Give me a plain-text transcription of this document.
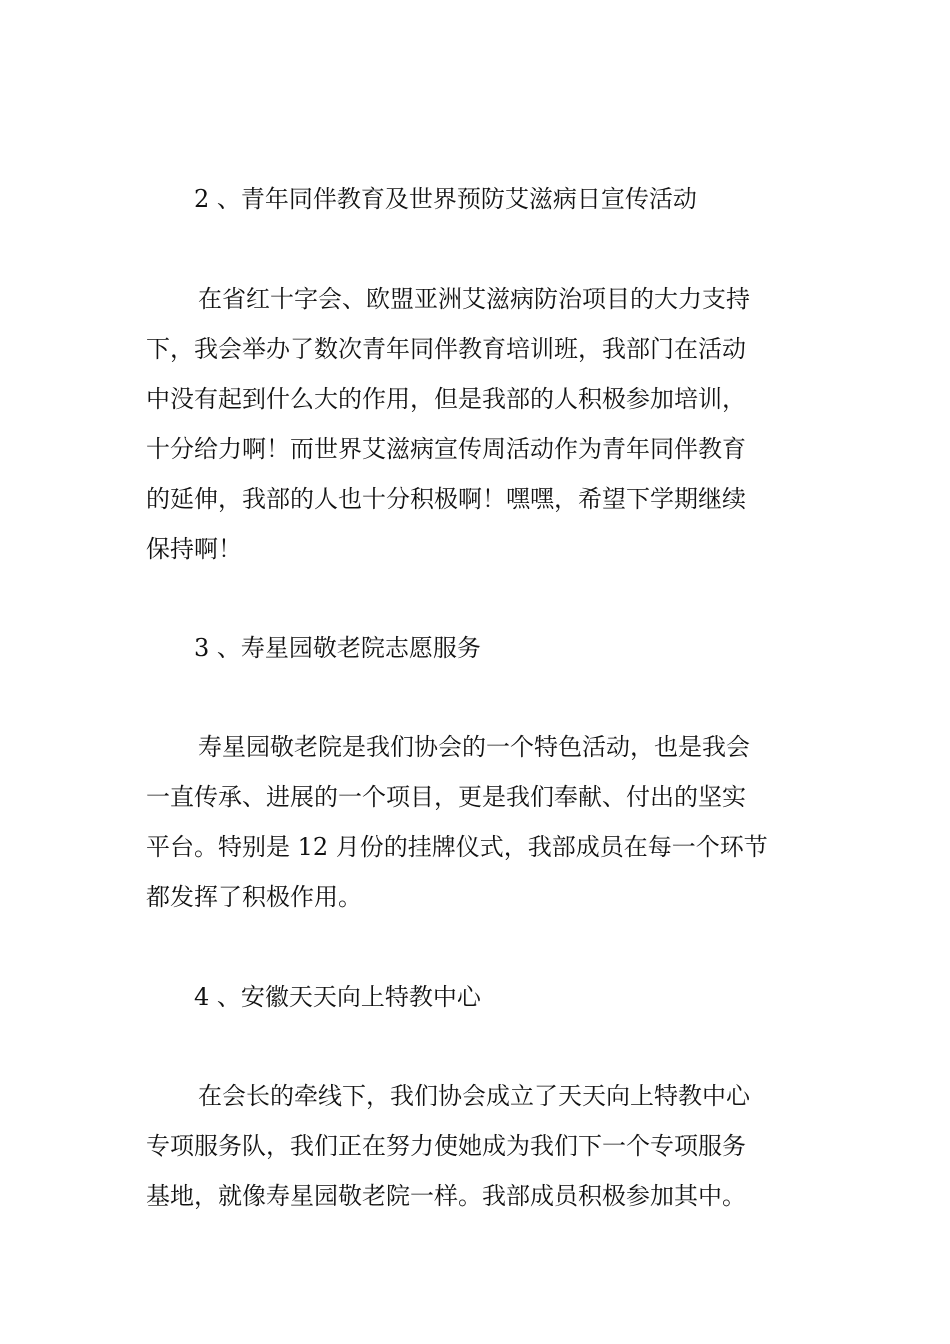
2 、青年同伴教育及世界预防艾滋病日宣传活动
在省红十字会、欧盟亚洲艾滋病防治项目的大力支持
下，我会举办了数次青年同伴教育培训班，我部门在活动
中没有起到什么大的作用，但是我部的人积极参加培训，
十分给力啊！而世界艾滋病宣传周活动作为青年同伴教育
的延伸，我部的人也十分积极啊！嘿嘿，希望下学期继续
保持啊！
3 、寿星园敬老院志愿服务
寿星园敬老院是我们协会的一个特色活动，也是我会
一直传承、进展的一个项目，更是我们奉献、付出的坚实
平台。特别是 12 月份的挂牌仪式，我部成员在每一个环节
都发挥了积极作用。
4 、安徽天天向上特教中心
在会长的牵线下，我们协会成立了天天向上特教中心
专项服务队，我们正在努力使她成为我们下一个专项服务
基地，就像寿星园敬老院一样。我部成员积极参加其中。
